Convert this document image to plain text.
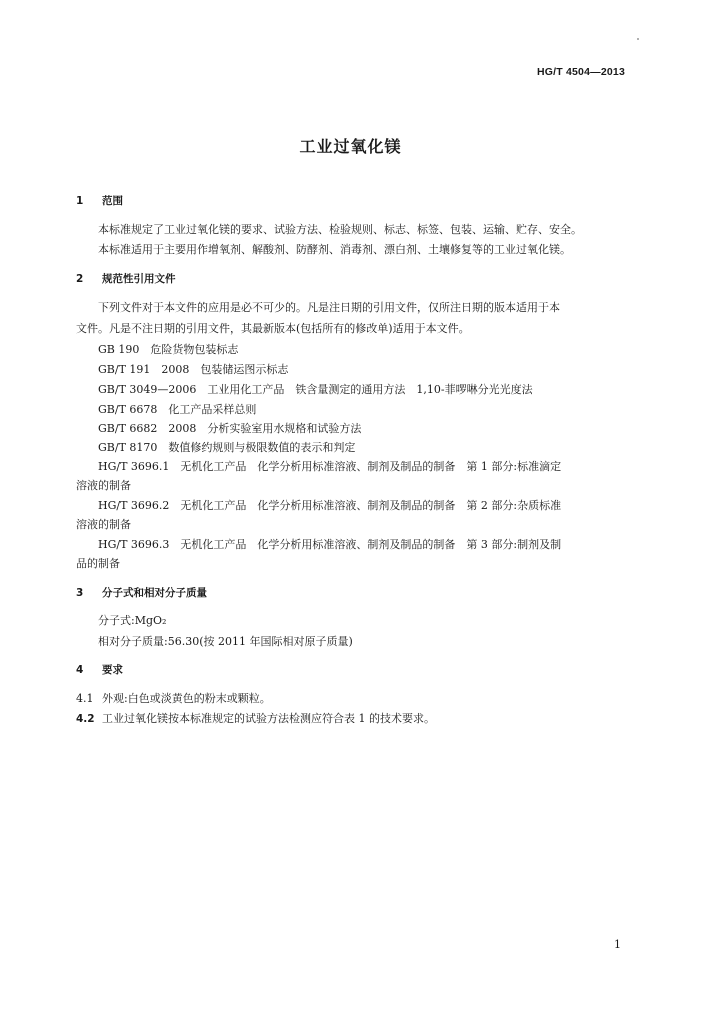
HG/T 4504—2013
工业过氧化镁
1 范围
本标准规定了工业过氧化镁的要求、试验方法、检验规则、标志、标签、包装、运输、贮存、安全。
本标准适用于主要用作增氧剂、解酸剂、防酵剂、消毒剂、漂白剂、土壤修复等的工业过氧化镁。
2 规范性引用文件
下列文件对于本文件的应用是必不可少的。凡是注日期的引用文件，仅所注日期的版本适用于本
文件。凡是不注日期的引用文件，其最新版本(包括所有的修改单)适用于本文件。
GB 190　危险货物包装标志
GB/T 191　2008　包装储运图示标志
GB/T 3049—2006　工业用化工产品　铁含量测定的通用方法　1,10-菲啰啉分光光度法
GB/T 6678　化工产品采样总则
GB/T 6682　2008　分析实验室用水规格和试验方法
GB/T 8170　数值修约规则与极限数值的表示和判定
HG/T 3696.1　无机化工产品　化学分析用标准溶液、制剂及制品的制备　第 1 部分:标准滴定
溶液的制备
HG/T 3696.2　无机化工产品　化学分析用标准溶液、制剂及制品的制备　第 2 部分:杂质标准
溶液的制备
HG/T 3696.3　无机化工产品　化学分析用标准溶液、制剂及制品的制备　第 3 部分:制剂及制
品的制备
3 分子式和相对分子质量
分子式:MgO₂
相对分子质量:56.30(按 2011 年国际相对原子质量)
4 要求
4.1 外观:白色或淡黄色的粉末或颗粒。
4.2 工业过氧化镁按本标准规定的试验方法检测应符合表 1 的技术要求。
1
